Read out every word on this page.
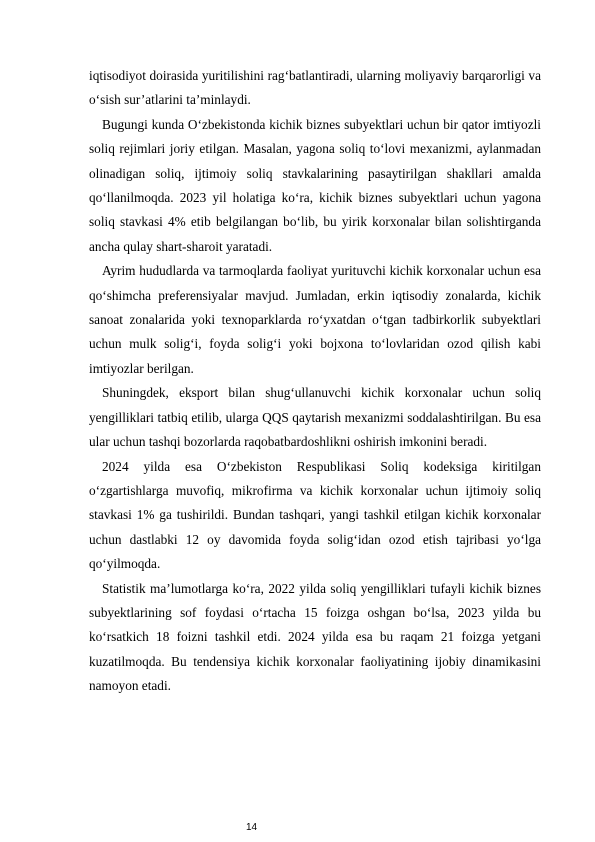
iqtisodiyot doirasida yuritilishini rag‘batlantiradi, ularning moliyaviy barqarorligi va o‘sish sur’atlarini ta’minlaydi.

Bugungi kunda O‘zbekistonda kichik biznes subyektlari uchun bir qator imtiyozli soliq rejimlari joriy etilgan. Masalan, yagona soliq to‘lovi mexanizmi, aylanmadan olinadigan soliq, ijtimoiy soliq stavkalarining pasaytirilgan shakllari amalda qo‘llanilmoqda. 2023 yil holatiga ko‘ra, kichik biznes subyektlari uchun yagona soliq stavkasi 4% etib belgilangan bo‘lib, bu yirik korxonalar bilan solishtirganda ancha qulay shart-sharoit yaratadi.

Ayrim hududlarda va tarmoqlarda faoliyat yurituvchi kichik korxonalar uchun esa qo‘shimcha preferensiyalar mavjud. Jumladan, erkin iqtisodiy zonalarda, kichik sanoat zonalarida yoki texnoparklarda ro‘yxatdan o‘tgan tadbirkorlik subyektlari uchun mulk solig‘i, foyda solig‘i yoki bojxona to‘lovlaridan ozod qilish kabi imtiyozlar berilgan.

Shuningdek, eksport bilan shug‘ullanuvchi kichik korxonalar uchun soliq yengilliklari tatbiq etilib, ularga QQS qaytarish mexanizmi soddalashtirilgan. Bu esa ular uchun tashqi bozorlarda raqobatbardoshlikni oshirish imkonini beradi.

2024 yilda esa O‘zbekiston Respublikasi Soliq kodeksiga kiritilgan o‘zgartishlarga muvofiq, mikrofirma va kichik korxonalar uchun ijtimoiy soliq stavkasi 1% ga tushirildi. Bundan tashqari, yangi tashkil etilgan kichik korxonalar uchun dastlabki 12 oy davomida foyda solig‘idan ozod etish tajribasi yo‘lga qo‘yilmoqda.

Statistik ma’lumotlarga ko‘ra, 2022 yilda soliq yengilliklari tufayli kichik biznes subyektlarining sof foydasi o‘rtacha 15 foizga oshgan bo‘lsa, 2023 yilda bu ko‘rsatkich 18 foizni tashkil etdi. 2024 yilda esa bu raqam 21 foizga yetgani kuzatilmoqda. Bu tendensiya kichik korxonalar faoliyatining ijobiy dinamikasini namoyon etadi.

14
